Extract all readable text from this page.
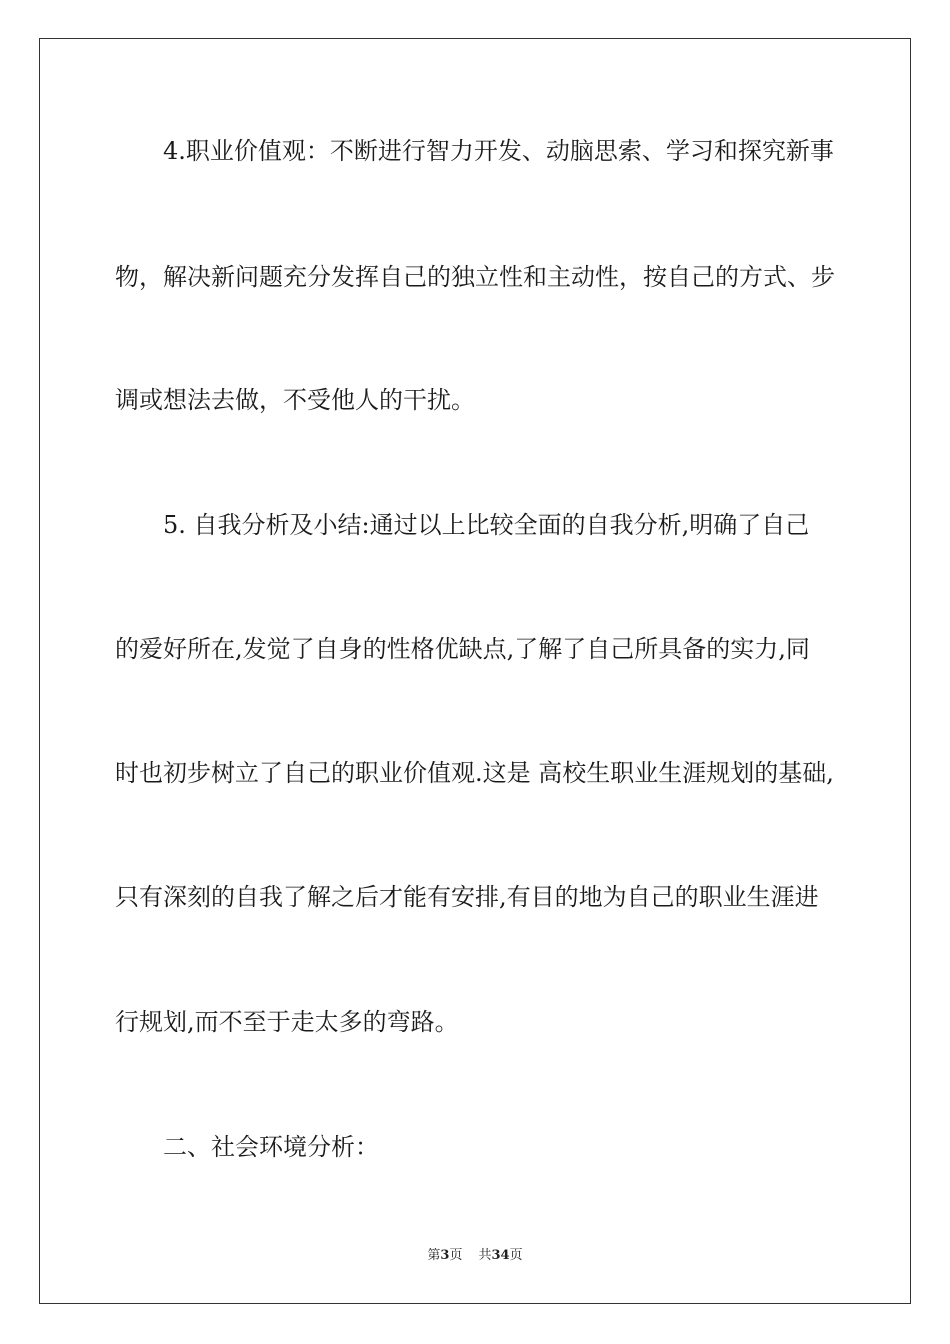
4.职业价值观：不断进行智力开发、动脑思索、学习和探究新事
物，解决新问题充分发挥自己的独立性和主动性，按自己的方式、步
调或想法去做，不受他人的干扰。
5. 自我分析及小结:通过以上比较全面的自我分析,明确了自己
的爱好所在,发觉了自身的性格优缺点,了解了自己所具备的实力,同
时也初步树立了自己的职业价值观.这是 高校生职业生涯规划的基础,
只有深刻的自我了解之后才能有安排,有目的地为自己的职业生涯进
行规划,而不至于走太多的弯路。
二、社会环境分析：
第3页 共34页
